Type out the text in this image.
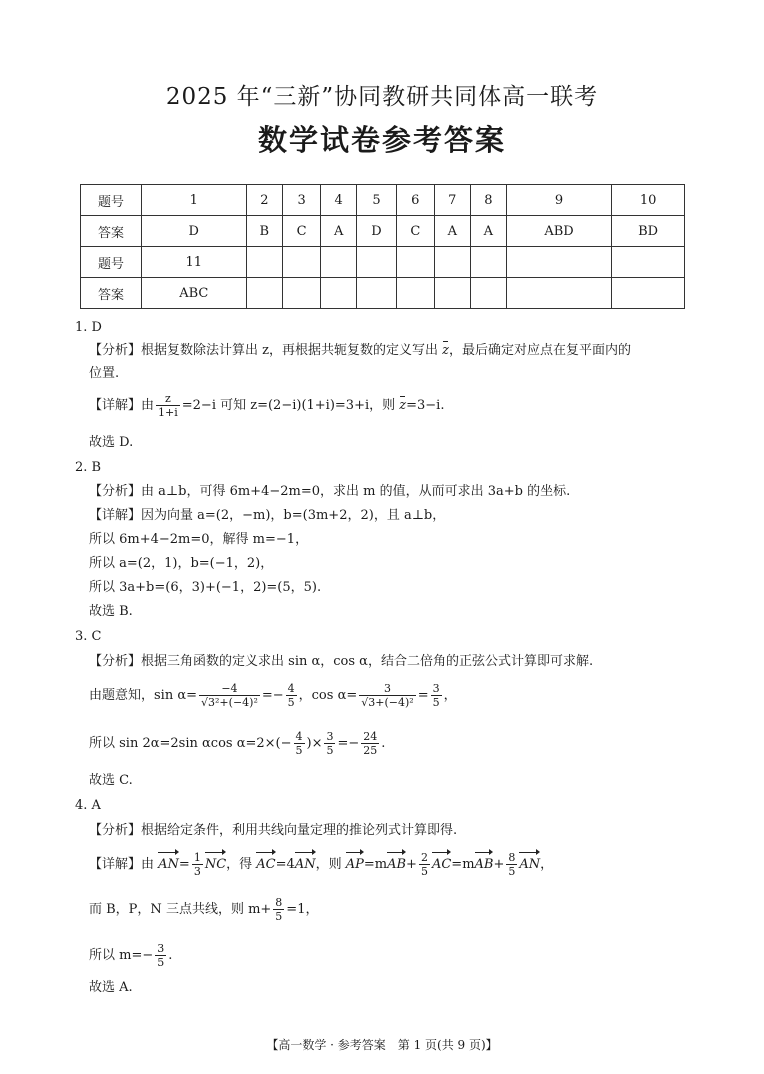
2025 年“三新”协同教研共同体高一联考
数学试卷参考答案
题号	1	2	3	4	5	6	7	8	9	10
答案	D	B	C	A	D	C	A	A	ABD	BD
题号	11									
答案	ABC									
1. D
【分析】根据复数除法计算出 z，再根据共轭复数的定义写出 z，最后确定对应点在复平面内的
位置.
【详解】由 $\frac{z}{1+i} =2-i$ 可知 z=(2−i)(1+i)=3+i，则 z=3−i.
故选 D.
2. B
【分析】由 a⊥b，可得 6m+4−2m=0，求出 m 的值，从而可求出 3a+b 的坐标.
【详解】因为向量 a=(2，−m)，b=(3m+2，2)，且 a⊥b，
所以 6m+4−2m=0，解得 m=−1，
所以 a=(2，1)，b=(−1，2)，
所以 3a+b=(6，3)+(−1，2)=(5，5).
故选 B.
3. C
【分析】根据三角函数的定义求出 sin α，cos α，结合二倍角的正弦公式计算即可求解.
由题意知，$\sin \alpha= \frac{-4}{\text{√3²+(−4)²}} =- \frac{4}{5}$ ，$\cos \alpha= \frac{3}{\text{√3+(−4)²}} = \frac{3}{5}$ ，
所以 sin 2α=2sin αcos $\alpha=2\times(- \frac{4}{5}$ )× $\frac{3}{5} =- \frac{24}{25}$ .
故选 C.
4. A
【分析】根据给定条件，利用共线向量定理的推论列式计算即得.
【详解】由 $AN= \frac{1}{3}$ NC，得 AC=4AN，则 $AP=mAB+ \frac{2}{5} AC=mAB+ \frac{8}{5}$ AN，
而 B，P，N 三点共线，则 $m+ \frac{8}{5} =1$，
所以 $m=- \frac{3}{5}$ .
故选 A.
【高一数学 · 参考答案　第 1 页(共 9 页)】
